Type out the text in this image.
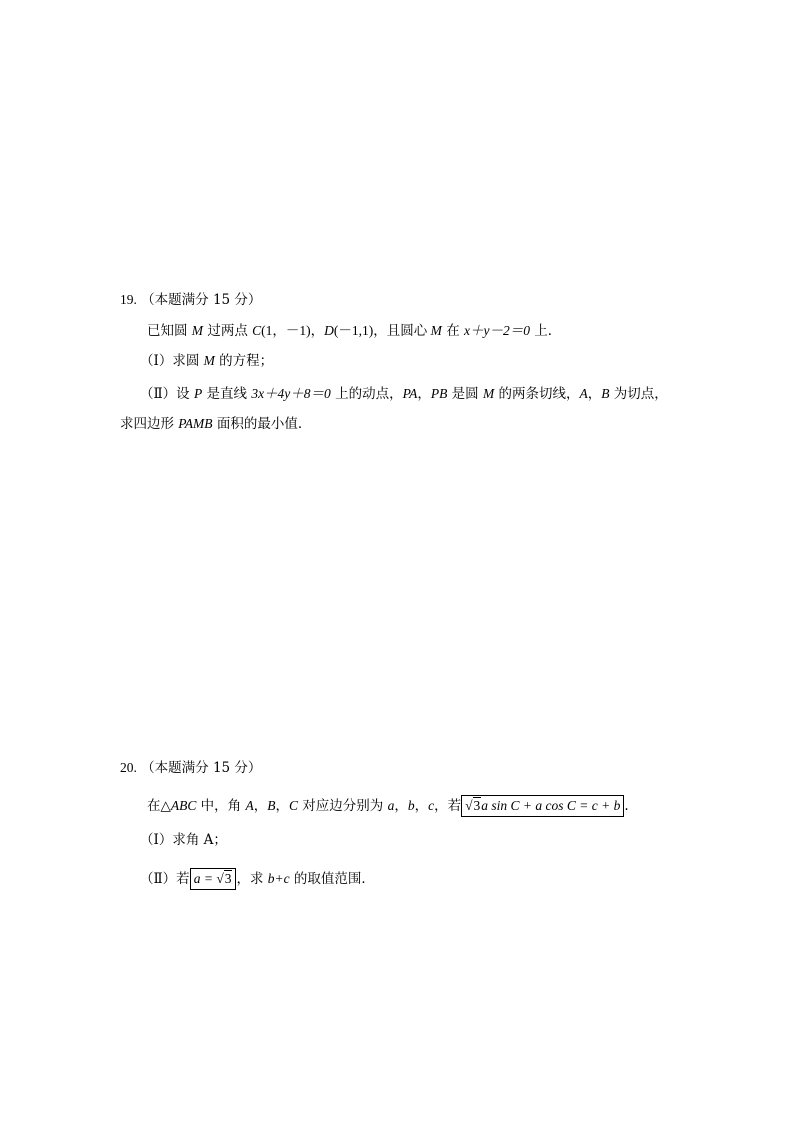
19. （本题满分 15 分）
已知圆 M 过两点 C(1，－1)，D(－1,1)，且圆心 M 在 x＋y－2＝0 上．
（Ⅰ）求圆 M 的方程；
（Ⅱ）设 P 是直线 3x＋4y＋8＝0 上的动点，PA，PB 是圆 M 的两条切线，A，B 为切点，
求四边形 PAMB 面积的最小值．
20. （本题满分 15 分）
在△ABC 中，角 A，B，C 对应边分别为 a，b，c，若 √3a sin C + a cos C = c + b .
（Ⅰ）求角 A；
（Ⅱ）若 a = √3 ，求 b+c 的取值范围．
